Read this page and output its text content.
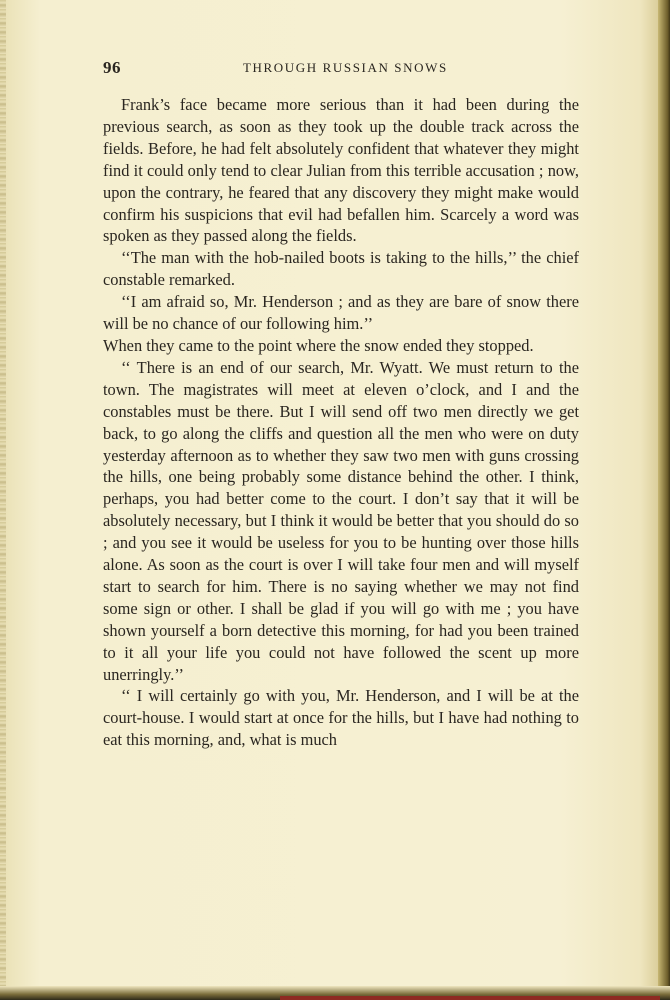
96	THROUGH RUSSIAN SNOWS

Frank’s face became more serious than it had been during the previous search, as soon as they took up the double track across the fields. Before, he had felt absolutely confident that whatever they might find it could only tend to clear Julian from this terrible accusation ; now, upon the contrary, he feared that any discovery they might make would confirm his suspicions that evil had befallen him. Scarcely a word was spoken as they passed along the fields.

‘‘The man with the hob-nailed boots is taking to the hills,’’ the chief constable remarked.

‘‘I am afraid so, Mr. Henderson ; and as they are bare of snow there will be no chance of our following him.’’

When they came to the point where the snow ended they stopped.

‘‘ There is an end of our search, Mr. Wyatt. We must return to the town. The magistrates will meet at eleven o’clock, and I and the constables must be there. But I will send off two men directly we get back, to go along the cliffs and question all the men who were on duty yesterday afternoon as to whether they saw two men with guns crossing the hills, one being probably some distance behind the other. I think, perhaps, you had better come to the court. I don’t say that it will be absolutely necessary, but I think it would be better that you should do so ; and you see it would be useless for you to be hunting over those hills alone. As soon as the court is over I will take four men and will myself start to search for him. There is no saying whether we may not find some sign or other. I shall be glad if you will go with me ; you have shown yourself a born detective this morning, for had you been trained to it all your life you could not have followed the scent up more unerringly.’’

‘‘ I will certainly go with you, Mr. Henderson, and I will be at the court-house. I would start at once for the hills, but I have had nothing to eat this morning, and, what is much
